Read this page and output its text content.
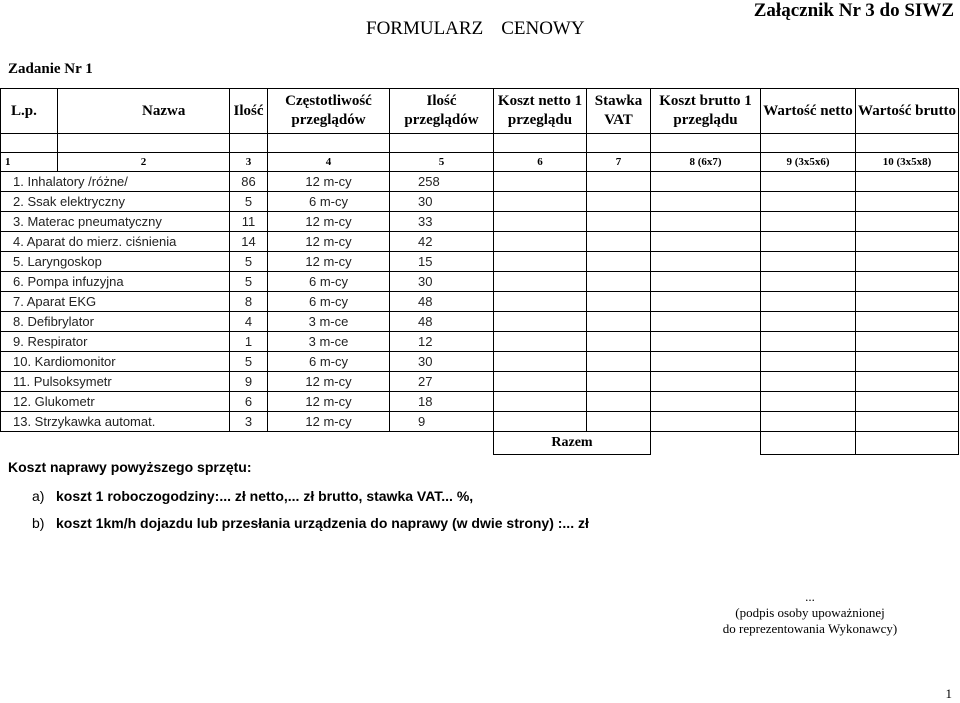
FORMULARZ CENOWY
Załącznik Nr 3 do SIWZ
Zadanie Nr 1
L.p.	Nazwa	Ilość	Częstotliwość przeglądów	Ilość przeglądów	Koszt netto 1 przeglądu	Stawka VAT	Koszt brutto 1 przeglądu	Wartość netto	Wartość brutto

1	2	3	4	5	6	7	8 (6x7)	9 (3x5x6)	10 (3x5x8)
1. Inhalatory /różne/		86	12 m-cy	258					
2. Ssak elektryczny		5	6 m-cy	30					
3. Materac pneumatyczny		11	12 m-cy	33					
4. Aparat do mierz. ciśnienia		14	12 m-cy	42					
5. Laryngoskop		5	12 m-cy	15					
6. Pompa infuzyjna		5	6 m-cy	30					
7. Aparat EKG		8	6 m-cy	48					
8. Defibrylator		4	3 m-ce	48					
9. Respirator		1	3 m-ce	12					
10. Kardiomonitor		5	6 m-cy	30					
11. Pulsoksymetr		9	12 m-cy	27					
12. Glukometr		6	12 m-cy	18					
13. Strzykawka automat.		3	12 m-cy	9					
					Razem				
Koszt naprawy powyższego sprzętu:
a) koszt 1 roboczogodziny:... zł netto,... zł brutto, stawka VAT... %,
b) koszt 1km/h dojazdu lub przesłania urządzenia do naprawy (w dwie strony) :... zł
...
(podpis osoby upoważnionej
do reprezentowania Wykonawcy)
1
